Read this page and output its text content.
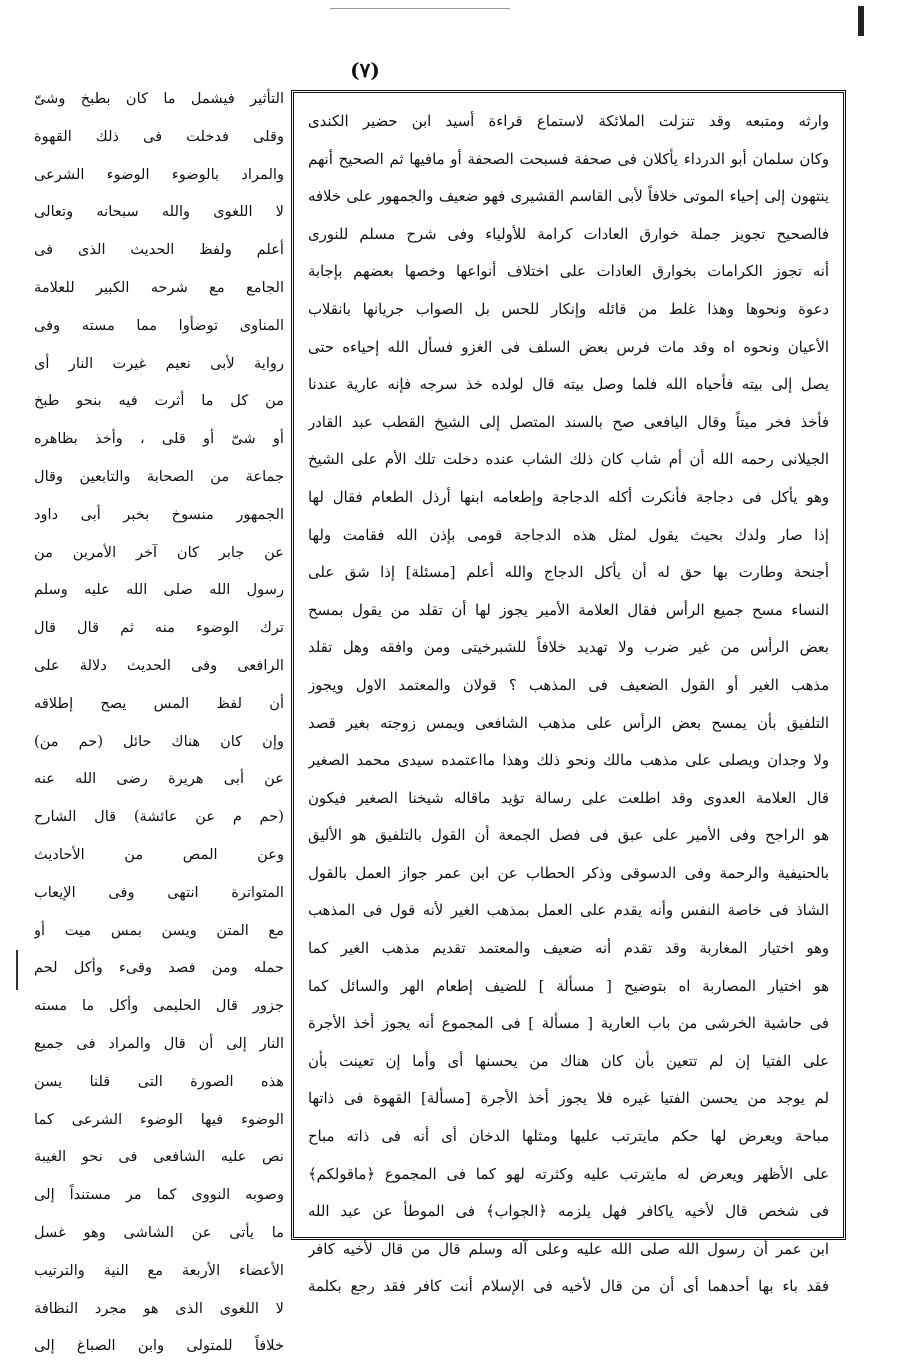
(٧)
وارثه ومتبعه وقد تنزلت الملائكة لاستماع قراءة أسيد ابن حضير الكندى
وكان سلمان أبو الدرداء يأكلان فى صحفة فسبحت الصحفة أو مافيها ثم الصحيح أنهم
ينتهون إلى إحياء الموتى خلافاً لأبى القاسم القشيرى فهو ضعيف والجمهور على خلافه
فالصحيح تجويز جملة خوارق العادات كرامة للأولياء وفى شرح مسلم للنورى
أنه تجوز الكرامات بخوارق العادات على اختلاف أنواعها وخصها بعضهم بإجابة
دعوة ونحوها وهذا غلط من قائله وإنكار للحس بل الصواب جريانها بانقلاب
الأعيان ونحوه اه وقد مات فرس بعض السلف فى الغزو فسأل الله إحياءه حتى
يصل إلى بيته فأحياه الله فلما وصل بيته قال لولده خذ سرجه فإنه عارية عندنا
فأخذ فخر ميتاً وقال اليافعى صح بالسند المتصل إلى الشيخ القطب عبد القادر
الجيلانى رحمه الله أن أم شاب كان ذلك الشاب عنده دخلت تلك الأم على الشيخ
وهو يأكل فى دجاجة فأنكرت أكله الدجاجة وإطعامه ابنها أرذل الطعام فقال لها
إذا صار ولدك بحيث يقول لمثل هذه الدجاجة قومى بإذن الله فقامت ولها
أجنحة وطارت بها حق له أن يأكل الدجاج والله أعلم [مسئلة] إذا شق على
النساء مسح جميع الرأس فقال العلامة الأمير يجوز لها أن تقلد من يقول بمسح
بعض الرأس من غير ضرب ولا تهديد خلافاً للشبرخيتى ومن وافقه وهل تقلد
مذهب الغير أو القول الضعيف فى المذهب ؟ قولان والمعتمد الاول ويجوز
التلفيق بأن يمسح بعض الرأس على مذهب الشافعى ويمس زوجته بغير قصد
ولا وجدان ويصلى على مذهب مالك ونحو ذلك وهذا مااعتمده سيدى محمد الصغير
قال العلامة العدوى وقد اطلعت على رسالة تؤيد ماقاله شيخنا الصغير فيكون
هو الراجح وفى الأمير على عبق فى فصل الجمعة أن القول بالتلفيق هو الأليق
بالحنيفية والرحمة وفى الدسوقى وذكر الحطاب عن ابن عمر جواز العمل بالقول
الشاذ فى خاصة النفس وأنه يقدم على العمل بمذهب الغير لأنه قول فى المذهب
وهو اختيار المغاربة وقد تقدم أنه ضعيف والمعتمد تقديم مذهب الغير كما
هو اختيار المصاربة اه بتوضيح [ مسألة ] للضيف إطعام الهر والسائل كما
فى حاشية الخرشى من باب العارية [ مسألة ] فى المجموع أنه يجوز أخذ الأجرة
على الفتيا إن لم تتعين بأن كان هناك من يحسنها أى وأما إن تعينت بأن
لم يوجد من يحسن الفتيا غيره فلا يجوز أخذ الأجرة [مسألة] القهوة فى ذاتها
مباحة ويعرض لها حكم مايترتب عليها ومثلها الدخان أى أنه فى ذاته مباح
على الأظهر ويعرض له مايترتب عليه وكثرته لهو كما فى المجموع ﴿ماقولكم﴾
فى شخص قال لأخيه ياكافر فهل يلزمه ﴿الجواب﴾ فى الموطأ عن عبد الله
ابن عمر أن رسول الله صلى الله عليه وعلى آله وسلم قال من قال لأخيه كافر
فقد باء بها أحدهما أى أن من قال لأخيه فى الإسلام أنت كافر فقد رجع بكلمة
التأثير فيشمل ما كان بطبخ وشىّ
وقلى فدخلت فى ذلك القهوة
والمراد بالوضوء الوضوء الشرعى
لا اللغوى والله سبحانه وتعالى
أعلم ولفظ الحديث الذى فى
الجامع مع شرحه الكبير للعلامة
المناوى توضأوا مما مسته وفى
رواية لأبى نعيم غيرت النار أى
من كل ما أثرت فيه بنحو طبخ
أو شىّ أو قلى ، وأخذ بظاهره
جماعة من الصحابة والتابعين وقال
الجمهور منسوخ بخبر أبى داود
عن جابر كان آخر الأمرين من
رسول الله صلى الله عليه وسلم
ترك الوضوء منه ثم قال قال
الرافعى وفى الحديث دلالة على
أن لفظ المس يصح إطلاقه
وإن كان هناك حائل (حم من)
عن أبى هريرة رضى الله عنه
(حم م عن عائشة) قال الشارح
وعن المص من الأحاديث
المتواترة انتهى وفى الإيعاب
مع المتن ويسن بمس ميت أو
حمله ومن فصد وقىء وأكل لحم
جزور قال الحليمى وأكل ما مسته
النار إلى أن قال والمراد فى جميع
هذه الصورة التى قلنا يسن
الوضوء فيها الوضوء الشرعى كما
نص عليه الشافعى فى نحو الغيبة
وصوبه النووى كما مر مستنداً إلى
ما يأتى عن الشاشى وهو غسل
الأعضاء الأربعة مع النية والترتيب
لا اللغوى الذى هو مجرد النظافة
خلافاً للمتولى وابن الصباغ إلى
